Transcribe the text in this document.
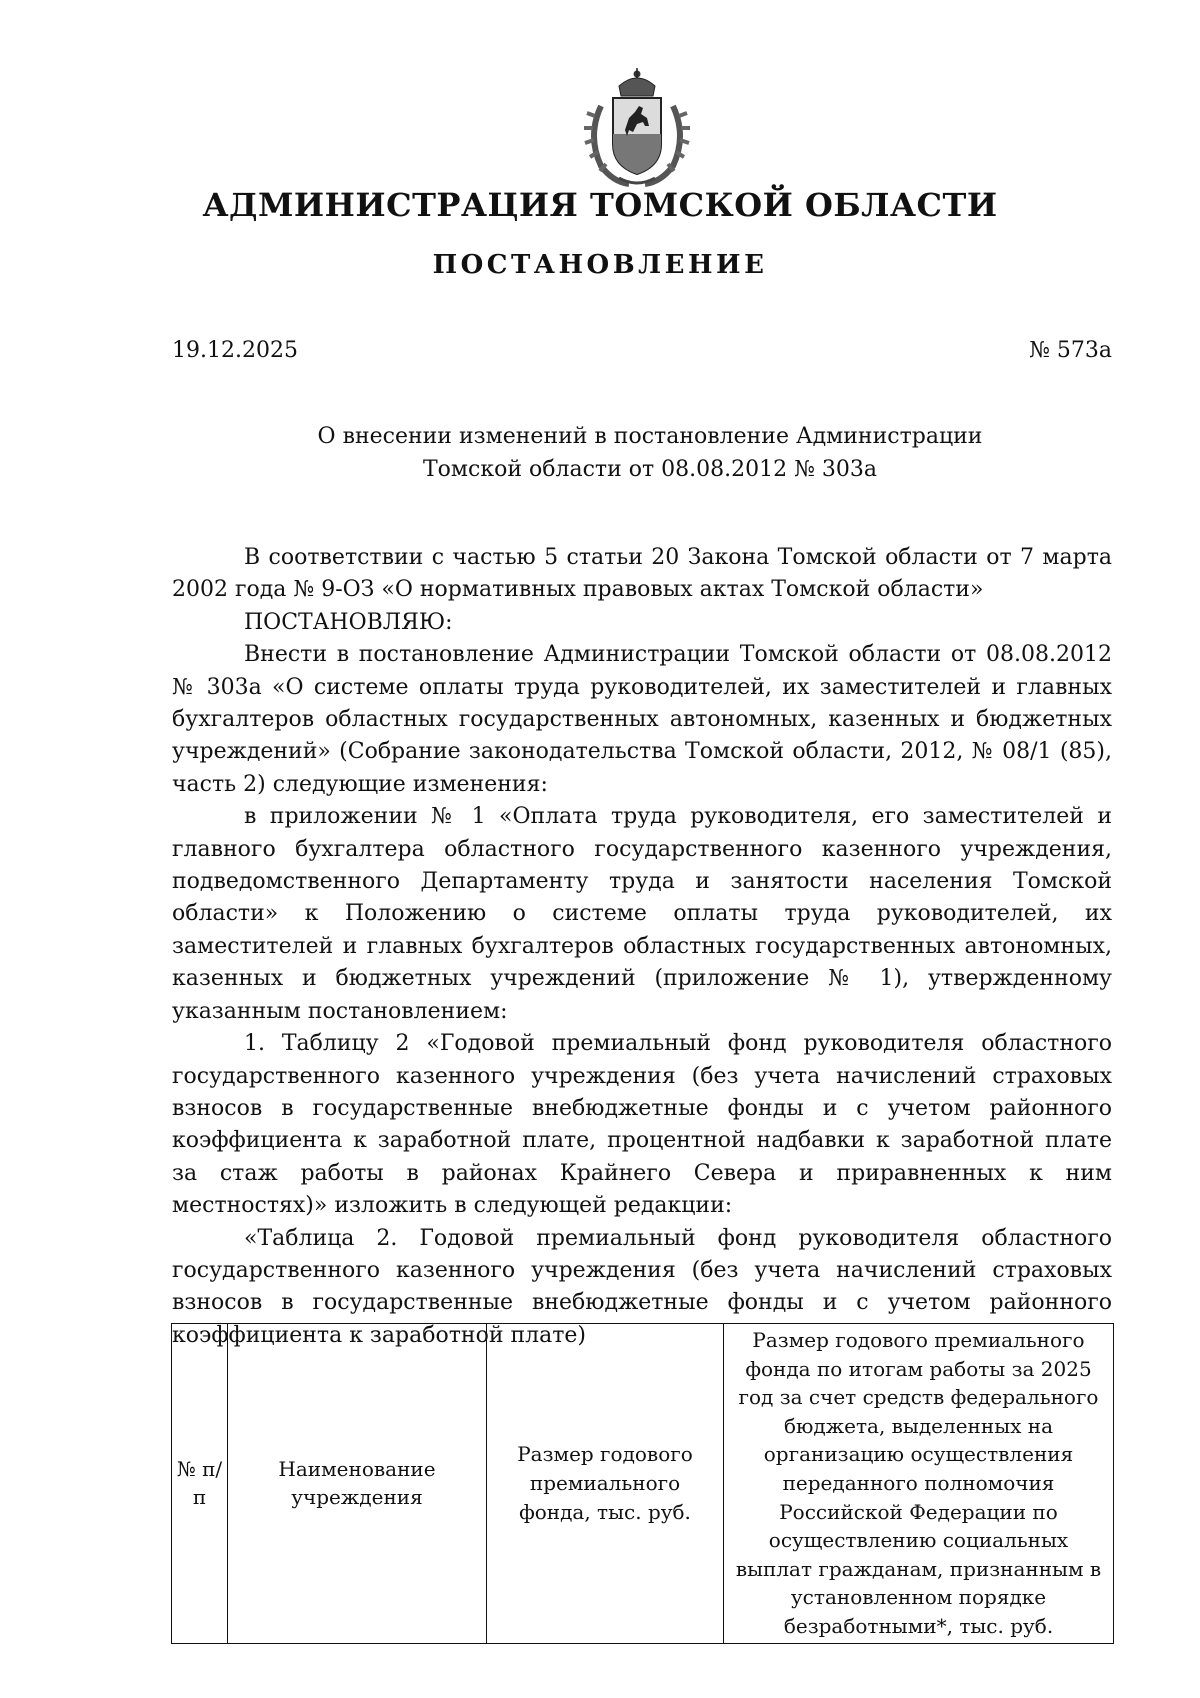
АДМИНИСТРАЦИЯ ТОМСКОЙ ОБЛАСТИ
ПОСТАНОВЛЕНИЕ
19.12.2025	№ 573а
О внесении изменений в постановление Администрации
Томской области от 08.08.2012 № 303а

В соответствии с частью 5 статьи 20 Закона Томской области от 7 марта 2002 года № 9-ОЗ «О нормативных правовых актах Томской области»

ПОСТАНОВЛЯЮ:

Внести в постановление Администрации Томской области от 08.08.2012 № 303а «О системе оплаты труда руководителей, их заместителей и главных бухгалтеров областных государственных автономных, казенных и бюджетных учреждений» (Собрание законодательства Томской области, 2012, № 08/1 (85), часть 2) следующие изменения:

в приложении № 1 «Оплата труда руководителя, его заместителей и главного бухгалтера областного государственного казенного учреждения, подведомственного Департаменту труда и занятости населения Томской области» к Положению о системе оплаты труда руководителей, их заместителей и главных бухгалтеров областных государственных автономных, казенных и бюджетных учреждений (приложение № 1), утвержденному указанным постановлением:

1. Таблицу 2 «Годовой премиальный фонд руководителя областного государственного казенного учреждения (без учета начислений страховых взносов в государственные внебюджетные фонды и с учетом районного коэффициента к заработной плате, процентной надбавки к заработной плате за стаж работы в районах Крайнего Севера и приравненных к ним местностях)» изложить в следующей редакции:

«Таблица 2. Годовой премиальный фонд руководителя областного государственного казенного учреждения (без учета начислений страховых взносов в государственные внебюджетные фонды и с учетом районного коэффициента к заработной плате)

№ п/п	Наименование учреждения	Размер годового премиального фонда, тыс. руб.	Размер годового премиального фонда по итогам работы за 2025 год за счет средств федерального бюджета, выделенных на организацию осуществления переданного полномочия Российской Федерации по осуществлению социальных выплат гражданам, признанным в установленном порядке безработными*, тыс. руб.
